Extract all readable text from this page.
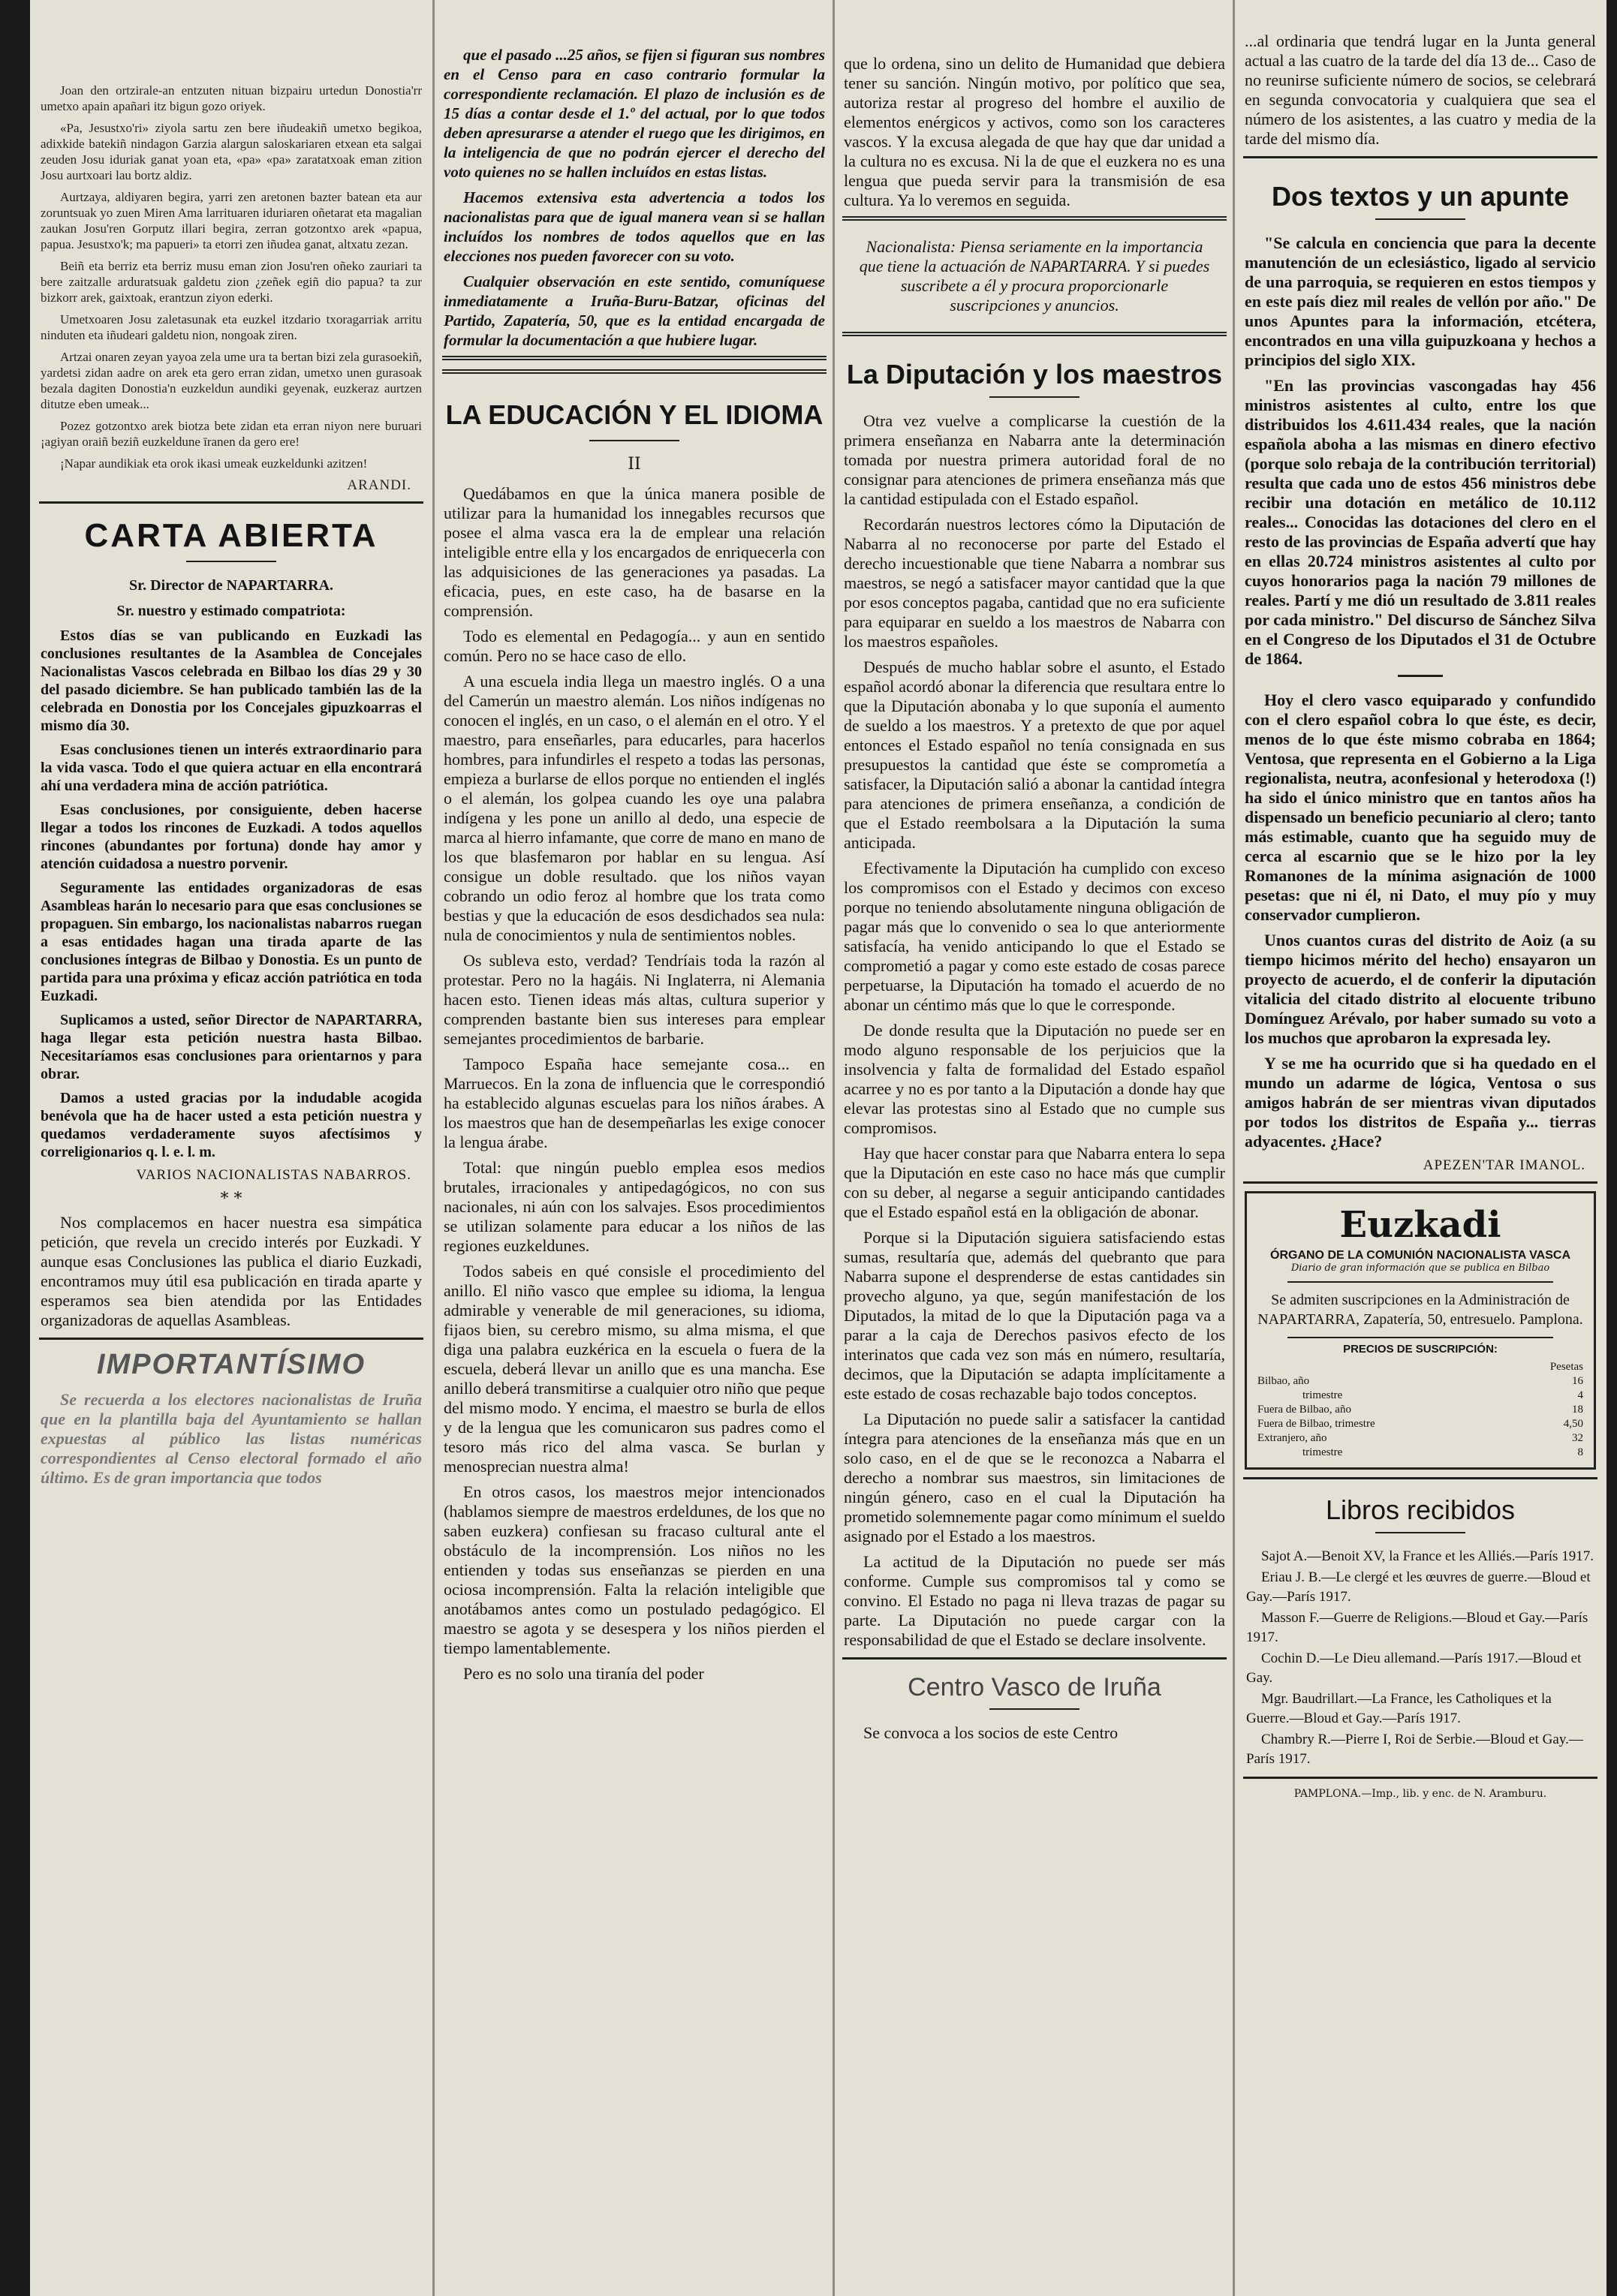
Joan den ortzirale-an entzuten nituan bizpairu urtedun Donostia'rr umetxo apain apañari itz bigun gozo oriyek.

«Pa, Jesustxo'ri» ziyola sartu zen bere iñudeakiñ umetxo begikoa, adixkide batekiñ nindagon Garzia alargun saloskariaren etxean eta salgai zeuden Josu iduriak ganat yoan eta, «pa» «pa» zaratatxoak eman zition Josu aurtxoari lau bortz aldiz.

Aurtzaya, aldiyaren begira, yarri zen aretonen bazter batean eta aur zoruntsuak yo zuen Miren Ama larrituaren iduriaren oñetarat eta magalian zaukan Josu'ren Gorputz illari begira, zerran gotzontxo arek «papua, papua. Jesustxo'k; ma papueri» ta etorri zen iñudea ganat, altxatu zezan.

Beiñ eta berriz eta berriz musu eman zion Josu'ren oñeko zauriari ta bere zaitzalle arduratsuak galdetu zion ¿zeñek egiñ dio papua? ta zur bizkorr arek, gaixtoak, erantzun ziyon ederki.

Umetxoaren Josu zaletasunak eta euzkel itzdario txoragarriak arritu ninduten eta iñudeari galdetu nion, nongoak ziren.

Artzai onaren zeyan yayoa zela ume ura ta bertan bizi zela gurasoekiñ, yardetsi zidan aadre on arek eta gero erran zidan, umetxo unen gurasoak bezala dagiten Donostia'n euzkeldun aundiki geyenak, euzkeraz aurtzen ditutze eben umeak...

Pozez gotzontxo arek biotza bete zidan eta erran niyon nere buruari ¡agiyan oraiñ beziñ euzkeldune īranen da gero ere!

¡Napar aundikiak eta orok ikasi umeak euzkeldunki azitzen!

ARANDI.
CARTA ABIERTA

Sr. Director de NAPARTARRA.

Sr. nuestro y estimado compatriota:

Estos días se van publicando en Euzkadi las conclusiones resultantes de la Asamblea de Concejales Nacionalistas Vascos celebrada en Bilbao los días 29 y 30 del pasado diciembre. Se han publicado también las de la celebrada en Donostia por los Concejales gipuzkoarras el mismo día 30.

Esas conclusiones tienen un interés extraordinario para la vida vasca. Todo el que quiera actuar en ella encontrará ahí una verdadera mina de acción patriótica.

Esas conclusiones, por consiguiente, deben hacerse llegar a todos los rincones de Euzkadi. A todos aquellos rincones (abundantes por fortuna) donde hay amor y atención cuidadosa a nuestro porvenir.

Seguramente las entidades organizadoras de esas Asambleas harán lo necesario para que esas conclusiones se propaguen. Sin embargo, los nacionalistas nabarros ruegan a esas entidades hagan una tirada aparte de las conclusiones íntegras de Bilbao y Donostia. Es un punto de partida para una próxima y eficaz acción patriótica en toda Euzkadi.

Suplicamos a usted, señor Director de NAPARTARRA, haga llegar esta petición nuestra hasta Bilbao. Necesitaríamos esas conclusiones para orientarnos y para obrar.

Damos a usted gracias por la indudable acogida benévola que ha de hacer usted a esta petición nuestra y quedamos verdaderamente suyos afectísimos y correligionarios q. l. e. l. m.

VARIOS NACIONALISTAS NABARROS.
* *

Nos complacemos en hacer nuestra esa simpática petición, que revela un crecido interés por Euzkadi. Y aunque esas Conclusiones las publica el diario Euzkadi, encontramos muy útil esa publicación en tirada aparte y esperamos sea bien atendida por las Entidades organizadoras de aquellas Asambleas.

IMPORTANTÍSIMO

Se recuerda a los electores nacionalistas de Iruña que en la plantilla baja del Ayuntamiento se hallan expuestas al público las listas numéricas correspondientes al Censo electoral formado el año último. Es de gran importancia que todos

que el pasado ...25 años, se fijen si figuran sus nombres en el Censo para en caso contrario formular la correspondiente reclamación. El plazo de inclusión es de 15 días a contar desde el 1.º del actual, por lo que todos deben apresurarse a atender el ruego que les dirigimos, en la inteligencia de que no podrán ejercer el derecho del voto quienes no se hallen incluídos en estas listas.

Hacemos extensiva esta advertencia a todos los nacionalistas para que de igual manera vean si se hallan incluídos los nombres de todos aquellos que en las elecciones nos pueden favorecer con su voto.

Cualquier observación en este sentido, comuníquese inmediatamente a Iruña-Buru-Batzar, oficinas del Partido, Zapatería, 50, que es la entidad encargada de formular la documentación a que hubiere lugar.

LA EDUCACIÓN Y EL IDIOMA
II

Quedábamos en que la única manera posible de utilizar para la humanidad los innegables recursos que posee el alma vasca era la de emplear una relación inteligible entre ella y los encargados de enriquecerla con las adquisiciones de las generaciones ya pasadas. La eficacia, pues, en este caso, ha de basarse en la comprensión.

Todo es elemental en Pedagogía... y aun en sentido común. Pero no se hace caso de ello.

A una escuela india llega un maestro inglés. O a una del Camerún un maestro alemán. Los niños indígenas no conocen el inglés, en un caso, o el alemán en el otro. Y el maestro, para enseñarles, para educarles, para hacerlos hombres, para infundirles el respeto a todas las personas, empieza a burlarse de ellos porque no entienden el inglés o el alemán, los golpea cuando les oye una palabra indígena y les pone un anillo al dedo, una especie de marca al hierro infamante, que corre de mano en mano de los que blasfemaron por hablar en su lengua. Así consigue un doble resultado. que los niños vayan cobrando un odio feroz al hombre que los trata como bestias y que la educación de esos desdichados sea nula: nula de conocimientos y nula de sentimientos nobles.

Os subleva esto, verdad? Tendríais toda la razón al protestar. Pero no la hagáis. Ni Inglaterra, ni Alemania hacen esto. Tienen ideas más altas, cultura superior y comprenden bastante bien sus intereses para emplear semejantes procedimientos de barbarie.

Tampoco España hace semejante cosa... en Marruecos. En la zona de influencia que le correspondió ha establecido algunas escuelas para los niños árabes. A los maestros que han de desempeñarlas les exige conocer la lengua árabe.

Total: que ningún pueblo emplea esos medios brutales, irracionales y antipedagógicos, no con sus nacionales, ni aún con los salvajes. Esos procedimientos se utilizan solamente para educar a los niños de las regiones euzkeldunes.

Todos sabeis en qué consisle el procedimiento del anillo. El niño vasco que emplee su idioma, la lengua admirable y venerable de mil generaciones, su idioma, fijaos bien, su cerebro mismo, su alma misma, el que diga una palabra euzkérica en la escuela o fuera de la escuela, deberá llevar un anillo que es una mancha. Ese anillo deberá transmitirse a cualquier otro niño que peque del mismo modo. Y encima, el maestro se burla de ellos y de la lengua que les comunicaron sus padres como el tesoro más rico del alma vasca. Se burlan y menosprecian nuestra alma!

En otros casos, los maestros mejor intencionados (hablamos siempre de maestros erdeldunes, de los que no saben euzkera) confiesan su fracaso cultural ante el obstáculo de la incomprensión. Los niños no les entienden y todas sus enseñanzas se pierden en una ociosa incomprensión. Falta la relación inteligible que anotábamos antes como un postulado pedagógico. El maestro se agota y se desespera y los niños pierden el tiempo lamentablemente.

Pero es no solo una tiranía del poder

que lo ordena, sino un delito de Humanidad que debiera tener su sanción. Ningún motivo, por político que sea, autoriza restar al progreso del hombre el auxilio de elementos enérgicos y activos, como son los caracteres vascos. Y la excusa alegada de que hay que dar unidad a la cultura no es excusa. Ni la de que el euzkera no es una lengua que pueda servir para la transmisión de esa cultura. Ya lo veremos en seguida.

Nacionalista: Piensa seriamente en la importancia que tiene la actuación de NAPARTARRA. Y si puedes suscribete a él y procura proporcionarle suscripciones y anuncios.

La Diputación y los maestros

Otra vez vuelve a complicarse la cuestión de la primera enseñanza en Nabarra ante la determinación tomada por nuestra primera autoridad foral de no consignar para atenciones de primera enseñanza más que la cantidad estipulada con el Estado español.

Recordarán nuestros lectores cómo la Diputación de Nabarra al no reconocerse por parte del Estado el derecho incuestionable que tiene Nabarra a nombrar sus maestros, se negó a satisfacer mayor cantidad que la que por esos conceptos pagaba, cantidad que no era suficiente para equiparar en sueldo a los maestros de Nabarra con los maestros españoles.

Después de mucho hablar sobre el asunto, el Estado español acordó abonar la diferencia que resultara entre lo que la Diputación abonaba y lo que suponía el aumento de sueldo a los maestros. Y a pretexto de que por aquel entonces el Estado español no tenía consignada en sus presupuestos la cantidad que éste se comprometía a satisfacer, la Diputación salió a abonar la cantidad íntegra para atenciones de primera enseñanza, a condición de que el Estado reembolsara a la Diputación la suma anticipada.

Efectivamente la Diputación ha cumplido con exceso los compromisos con el Estado y decimos con exceso porque no teniendo absolutamente ninguna obligación de pagar más que lo convenido o sea lo que anteriormente satisfacía, ha venido anticipando lo que el Estado se comprometió a pagar y como este estado de cosas parece perpetuarse, la Diputación ha tomado el acuerdo de no abonar un céntimo más que lo que le corresponde.

De donde resulta que la Diputación no puede ser en modo alguno responsable de los perjuicios que la insolvencia y falta de formalidad del Estado español acarree y no es por tanto a la Diputación a donde hay que elevar las protestas sino al Estado que no cumple sus compromisos.

Hay que hacer constar para que Nabarra entera lo sepa que la Diputación en este caso no hace más que cumplir con su deber, al negarse a seguir anticipando cantidades que el Estado español está en la obligación de abonar.

Porque si la Diputación siguiera satisfaciendo estas sumas, resultaría que, además del quebranto que para Nabarra supone el desprenderse de estas cantidades sin provecho alguno, ya que, según manifestación de los Diputados, la mitad de lo que la Diputación paga va a parar a la caja de Derechos pasivos efecto de los interinatos que cada vez son más en número, resultaría, decimos, que la Diputación se adapta implícitamente a este estado de cosas rechazable bajo todos conceptos.

La Diputación no puede salir a satisfacer la cantidad íntegra para atenciones de la enseñanza más que en un solo caso, en el de que se le reconozca a Nabarra el derecho a nombrar sus maestros, sin limitaciones de ningún género, caso en el cual la Diputación ha prometido solemnemente pagar como mínimum el sueldo asignado por el Estado a los maestros.

La actitud de la Diputación no puede ser más conforme. Cumple sus compromisos tal y como se convino. El Estado no paga ni lleva trazas de pagar su parte. La Diputación no puede cargar con la responsabilidad de que el Estado se declare insolvente.

Centro Vasco de Iruña

Se convoca a los socios de este Centro

...al ordinaria que tendrá lugar en la Junta general actual a las cuatro de la tarde del día 13 de... Caso de no reunirse suficiente número de socios, se celebrará en segunda convocatoria y cualquiera que sea el número de los asistentes, a las cuatro y media de la tarde del mismo día.

Dos textos y un apunte

"Se calcula en conciencia que para la decente manutención de un eclesiástico, ligado al servicio de una parroquia, se requieren en estos tiempos y en este país diez mil reales de vellón por año." De unos Apuntes para la información, etcétera, encontrados en una villa guipuzkoana y hechos a principios del siglo XIX.

"En las provincias vascongadas hay 456 ministros asistentes al culto, entre los que distribuidos los 4.611.434 reales, que la nación española aboha a las mismas en dinero efectivo (porque solo rebaja de la contribución territorial) resulta que cada uno de estos 456 ministros debe recibir una dotación en metálico de 10.112 reales... Conocidas las dotaciones del clero en el resto de las provincias de España advertí que hay en ellas 20.724 ministros asistentes al culto por cuyos honorarios paga la nación 79 millones de reales. Partí y me dió un resultado de 3.811 reales por cada ministro." Del discurso de Sánchez Silva en el Congreso de los Diputados el 31 de Octubre de 1864.

Hoy el clero vasco equiparado y confundido con el clero español cobra lo que éste, es decir, menos de lo que éste mismo cobraba en 1864; Ventosa, que representa en el Gobierno a la Liga regionalista, neutra, aconfesional y heterodoxa (!) ha sido el único ministro que en tantos años ha dispensado un beneficio pecuniario al clero; tanto más estimable, cuanto que ha seguido muy de cerca al escarnio que se le hizo por la ley Romanones de la mínima asignación de 1000 pesetas: que ni él, ni Dato, el muy pío y muy conservador cumplieron.

Unos cuantos curas del distrito de Aoiz (a su tiempo hicimos mérito del hecho) ensayaron un proyecto de acuerdo, el de conferir la diputación vitalicia del citado distrito al elocuente tribuno Domínguez Arévalo, por haber sumado su voto a los muchos que aprobaron la expresada ley.

Y se me ha ocurrido que si ha quedado en el mundo un adarme de lógica, Ventosa o sus amigos habrán de ser mientras vivan diputados por todos los distritos de España y... tierras adyacentes. ¿Hace?

APEZEN'TAR IMANOL.
Euzkadi
ÓRGANO DE LA COMUNIÓN NACIONALISTA VASCA
Diario de gran información que se publica en Bilbao

Se admiten suscripciones en la Administración de NAPARTARRA, Zapatería, 50, entresuelo. Pamplona.

PRECIOS DE SUSCRIPCIÓN:
Pesetas
Bilbao, año	16
trimestre	4
Fuera de Bilbao, año	18
Fuera de Bilbao, trimestre	4,50
Extranjero, año	32
trimestre	8
Libros recibidos

Sajot A.—Benoit XV, la France et les Alliés.—París 1917.

Eriau J. B.—Le clergé et les œuvres de guerre.—Bloud et Gay.—París 1917.

Masson F.—Guerre de Religions.—Bloud et Gay.—París 1917.

Cochin D.—Le Dieu allemand.—París 1917.—Bloud et Gay.

Mgr. Baudrillart.—La France, les Catholiques et la Guerre.—Bloud et Gay.—París 1917.

Chambry R.—Pierre I, Roi de Serbie.—Bloud et Gay.—París 1917.

PAMPLONA.—Imp., lib. y enc. de N. Aramburu.
